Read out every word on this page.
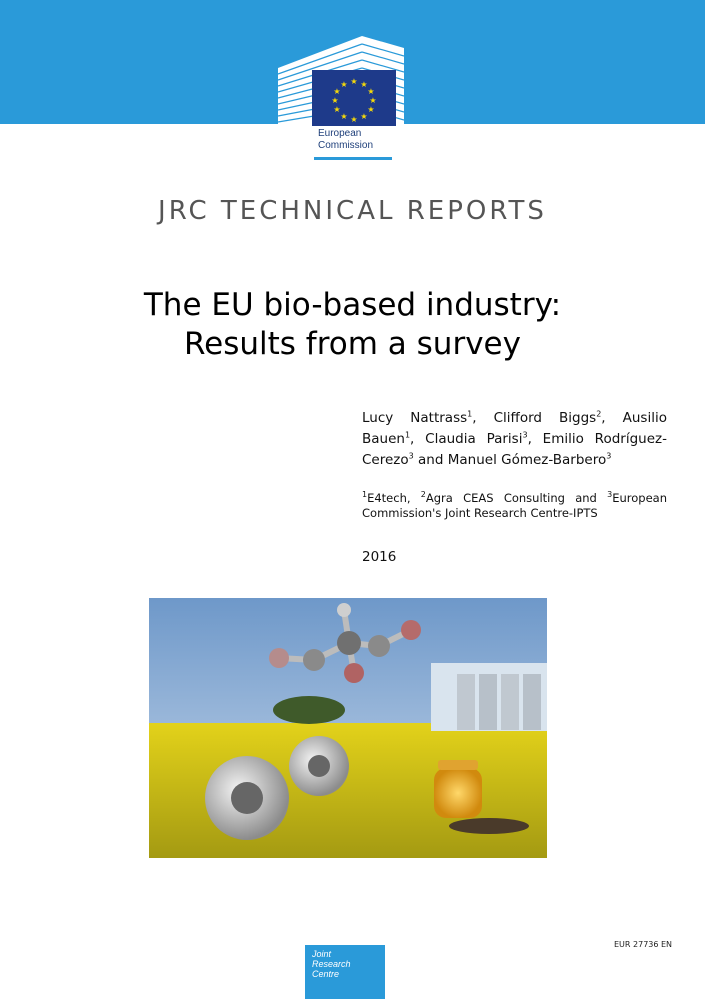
★ ★
★
★
★
★
★
★
★
★
★
★
European
Commission
JRC TECHNICAL REPORTS
The EU bio-based industry:
Results from a survey
Lucy Nattrass$^1$, Clifford Biggs$^2$, Ausilio Bauen$^1$, Claudia Parisi$^3$, Emilio Rodríguez-Cerezo$^3$ and Manuel Gómez-Barbero$^3$
$^1$E4tech, $^2$Agra CEAS Consulting and $^3$European Commission's Joint Research Centre-IPTS
2016
EUR 27736 EN
Joint
Research
Centre
